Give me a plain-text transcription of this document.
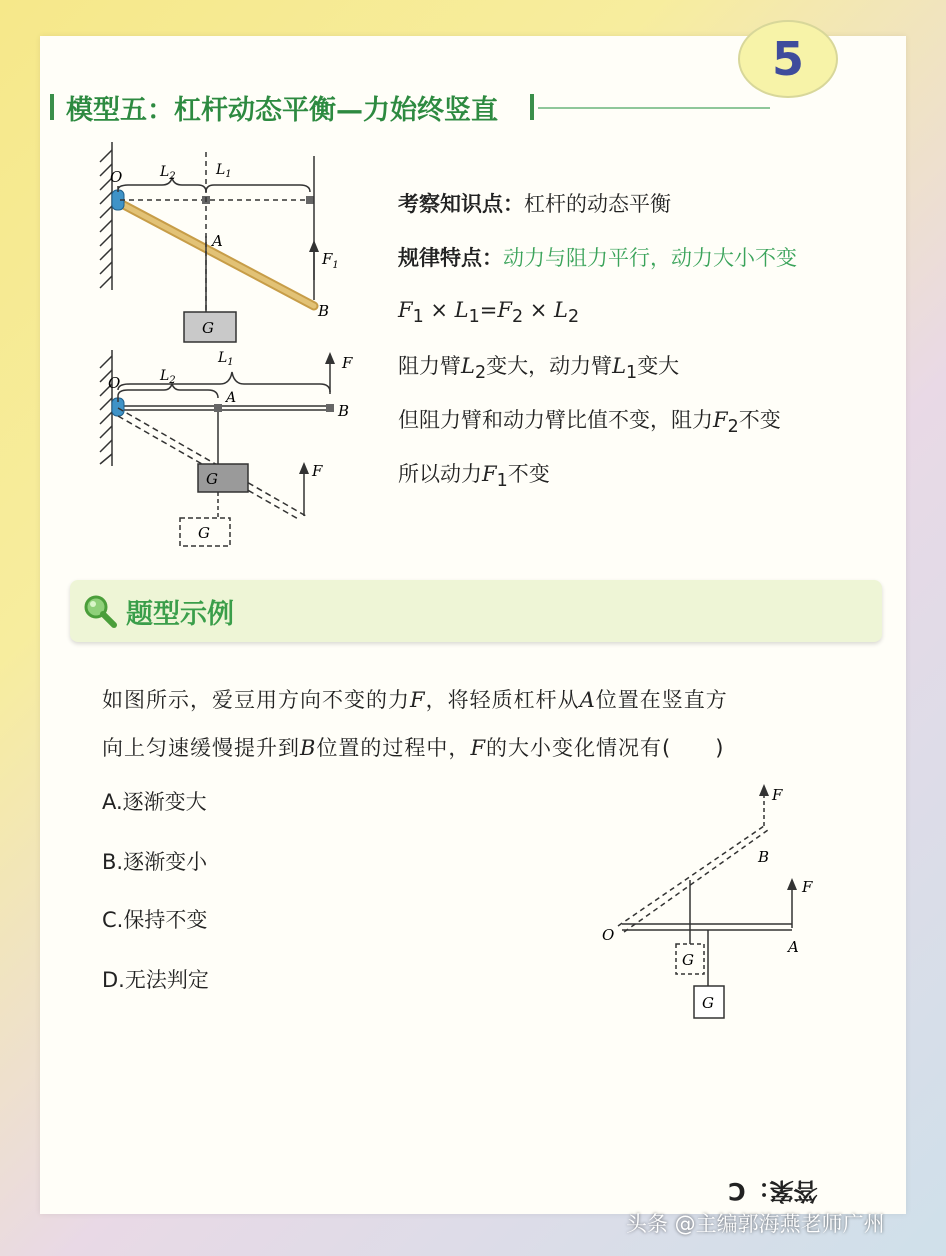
5
模型五：杠杆动态平衡—力始终竖直
O	$L_2$	$L_1$
A
$F_1$
B
G
O	$L_2$
$L_1$
A
B
F
F
G
G
考察知识点：杠杆的动态平衡
规律特点：动力与阻力平行，动力大小不变
$F_1 \times L_1=F_2 \times L_2$
阻力臂$L_2$变大，动力臂$L_1$变大
但阻力臂和动力臂比值不变，阻力$F_2$不变
所以动力$F_1$不变
题型示例
如图所示，爱豆用方向不变的力F，将轻质杠杆从A位置在竖直方
向上匀速缓慢提升到B位置的过程中，F的大小变化情况有(　　)
A.逐渐变大
B.逐渐变小
C.保持不变
D.无法判定
F
B
F
O
A
G
G
答案：C
头条 @主编郭海燕老师广州
